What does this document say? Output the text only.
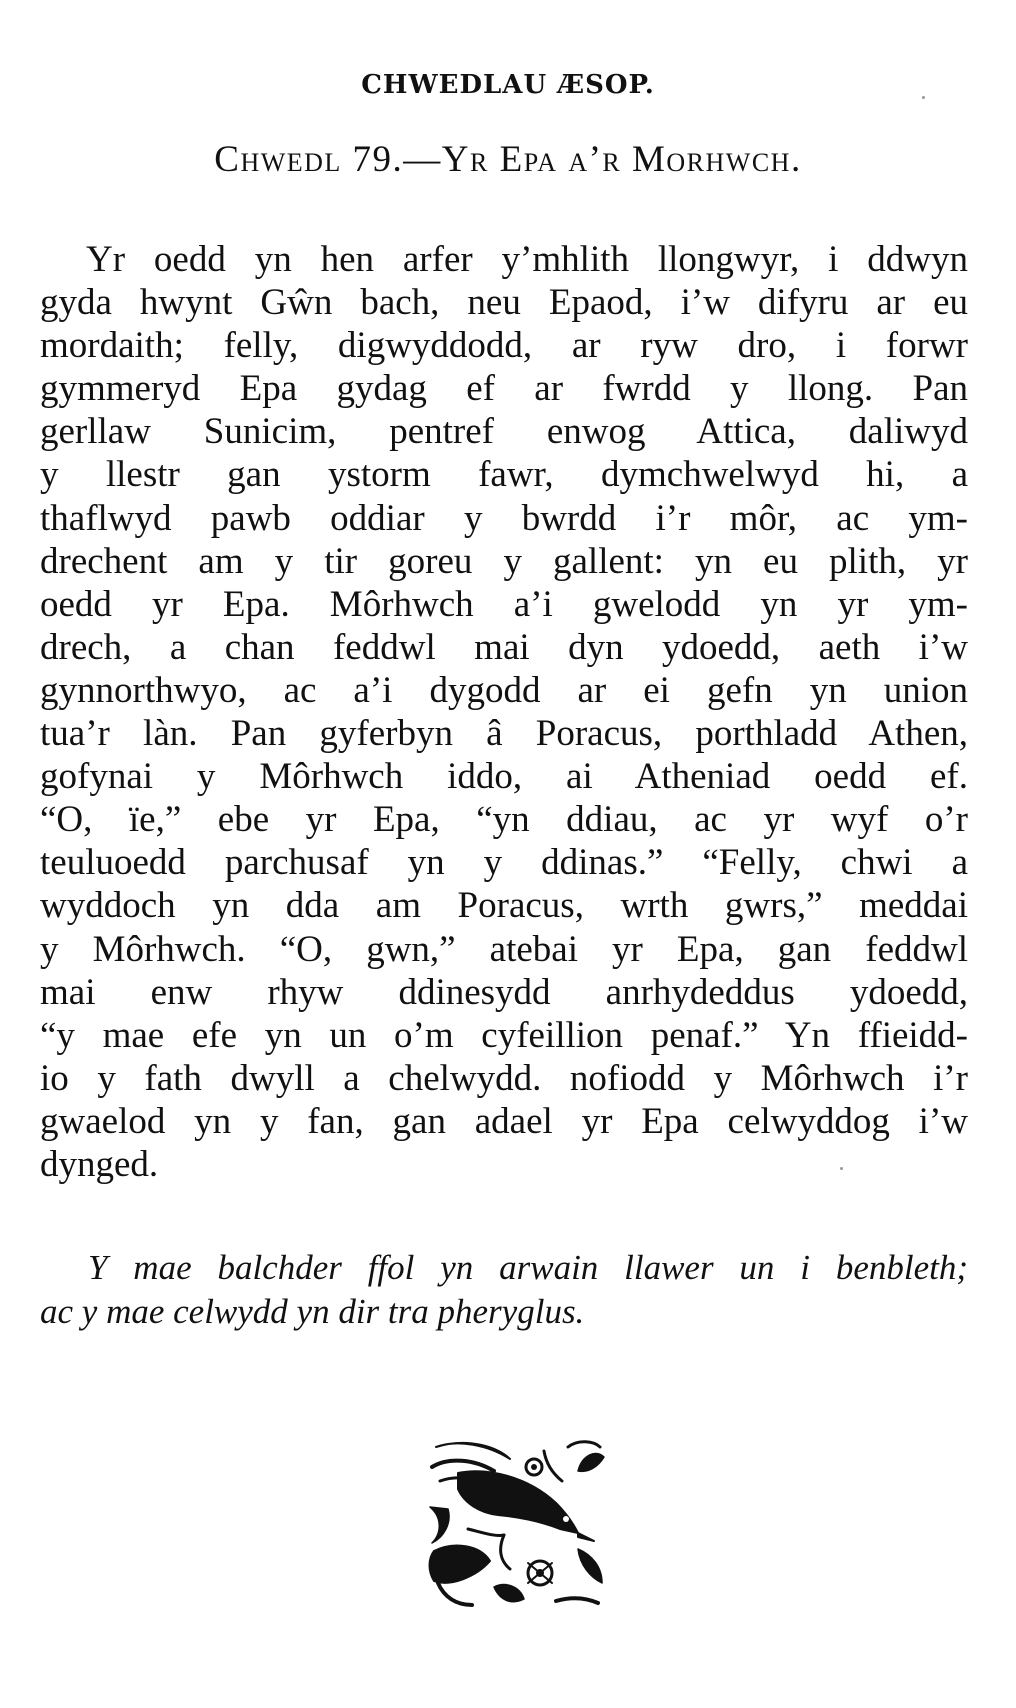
CHWEDLAU ÆSOP.
Chwedl 79.—Yr Epa a’r Morhwch.
Yr oedd yn hen arfer y’mhlith llongwyr, i ddwyn
gyda hwynt Gŵn bach, neu Epaod, i’w difyru ar eu
mordaith; felly, digwyddodd, ar ryw dro, i forwr
gymmeryd Epa gydag ef ar fwrdd y llong. Pan
gerllaw Sunicim, pentref enwog Attica, daliwyd
y llestr gan ystorm fawr, dymchwelwyd hi, a
thaflwyd pawb oddiar y bwrdd i’r môr, ac ym-
drechent am y tir goreu y gallent: yn eu plith, yr
oedd yr Epa. Môrhwch a’i gwelodd yn yr ym-
drech, a chan feddwl mai dyn ydoedd, aeth i’w
gynnorthwyo, ac a’i dygodd ar ei gefn yn union
tua’r làn. Pan gyferbyn â Poracus, porthladd Athen,
gofynai y Môrhwch iddo, ai Atheniad oedd ef.
“O, ïe,” ebe yr Epa, “yn ddiau, ac yr wyf o’r
teuluoedd parchusaf yn y ddinas.” “Felly, chwi a
wyddoch yn dda am Poracus, wrth gwrs,” meddai
y Môrhwch. “O, gwn,” atebai yr Epa, gan feddwl
mai enw rhyw ddinesydd anrhydeddus ydoedd,
“y mae efe yn un o’m cyfeillion penaf.” Yn ffieidd-
io y fath dwyll a chelwydd. nofiodd y Môrhwch i’r
gwaelod yn y fan, gan adael yr Epa celwyddog i’w
dynged.
Y mae balchder ffol yn arwain llawer un i benbleth;
ac y mae celwydd yn dir tra pheryglus.
